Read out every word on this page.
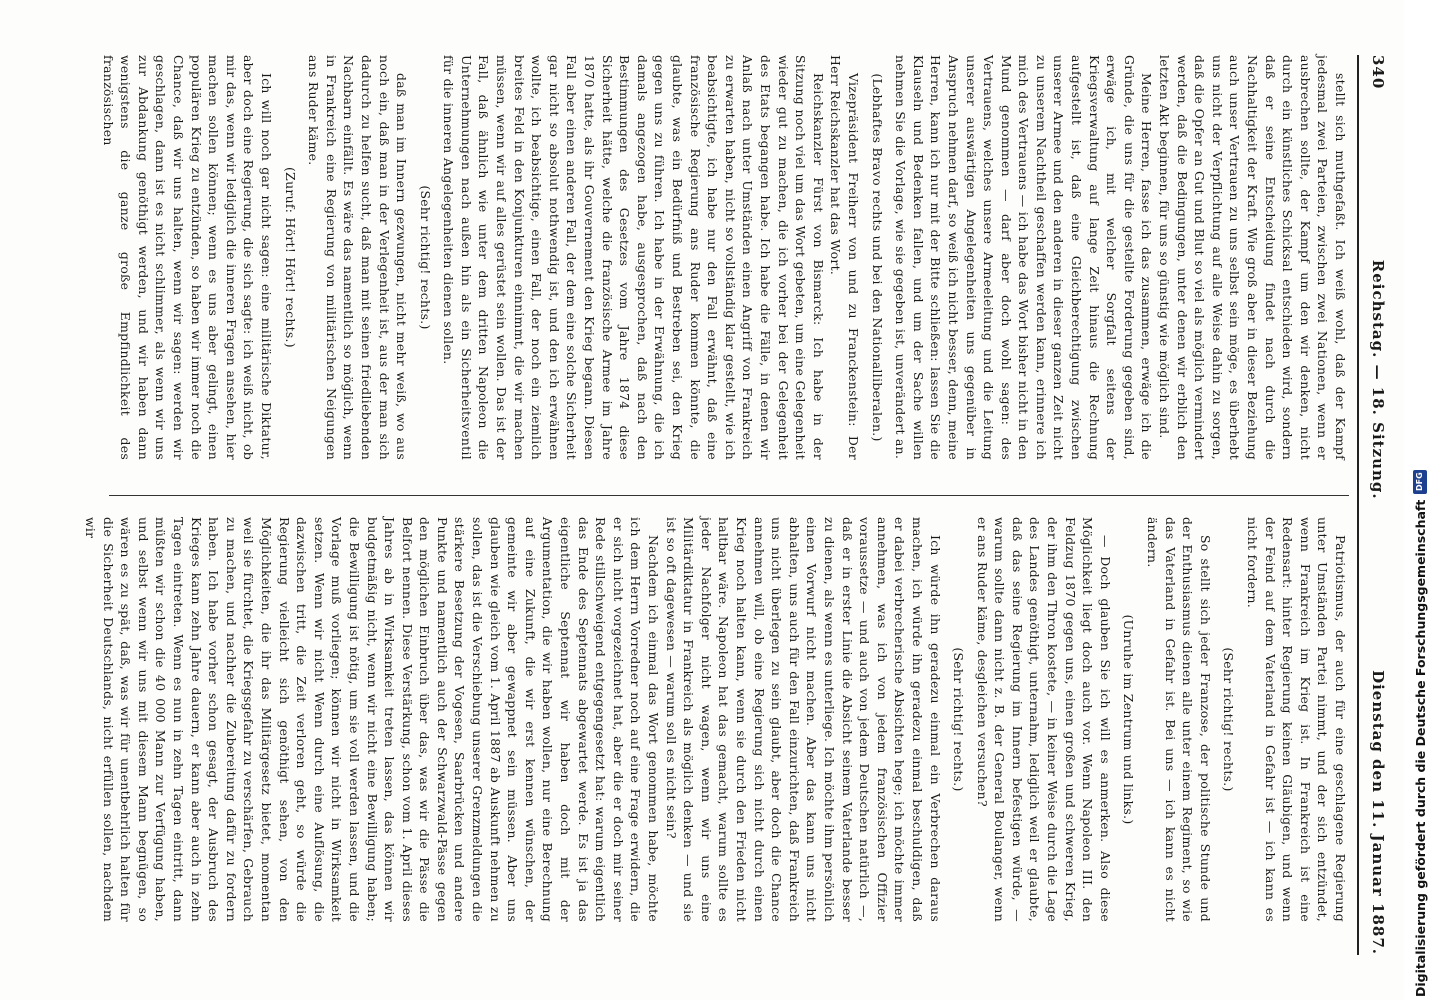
340
Reichstag. — 18. Sitzung.
Dienstag den 11. Januar 1887.

stellt sich muthgefaßt. Ich weiß wohl, daß der Kampf jedesmal zwei Parteien, zwischen zwei Nationen, wenn er ausbrechen sollte, der Kampf um den wir denken, nicht durch ein künstliches Schicksal entschieden wird, sondern daß er seine Entscheidung findet nach durch die Nachhaltigkeit der Kraft. Wie groß aber in dieser Beziehung auch unser Vertrauen zu uns selbst sein möge, es überhebt uns nicht der Verpflichtung auf alle Weise dahin zu sorgen, daß die Opfer an Gut und Blut so viel als möglich vermindert werden, daß die Bedingungen, unter denen wir erblich den letzten Akt beginnen, für uns so günstig wie möglich sind.

Meine Herren, fasse ich das zusammen, erwäge ich die Gründe, die uns für die gestellte Forderung gegeben sind, erwäge ich, mit welcher Sorgfalt seitens der Kriegsverwaltung auf lange Zeit hinaus die Rechnung aufgestellt ist, daß eine Gleichberechtigung zwischen unserer Armee und den anderen in dieser ganzen Zeit nicht zu unserem Nachtheil geschaffen werden kann, erinnere ich mich des Vertrauens — ich habe das Wort bisher nicht in den Mund genommen — darf aber doch wohl sagen: des Vertrauens, welches unsere Armeeleitung und die Leitung unserer auswärtigen Angelegenheiten uns gegenüber in Anspruch nehmen darf, so weiß ich nicht besser, denn, meine Herren, kann ich nur mit der Bitte schließen: lassen Sie die Klauseln und Bedenken fallen, und um der Sache willen nehmen Sie die Vorlage, wie sie gegeben ist, unverändert an.

(Lebhaftes Bravo rechts und bei den Nationalliberalen.)

Vizepräsident Freiherr von und zu Franckenstein: Der Herr Reichskanzler hat das Wort.

Reichskanzler Fürst von Bismarck: Ich habe in der Sitzung noch viel um das Wort gebeten, um eine Gelegenheit wieder gut zu machen, die ich vorher bei der Gelegenheit des Etats begangen habe. Ich habe die Fälle, in denen wir Anlaß nach unter Umständen einen Angriff von Frankreich zu erwarten haben, nicht so vollständig klar gestellt, wie ich beabsichtigte, ich habe nur den Fall erwähnt, daß eine französische Regierung ans Ruder kommen könnte, die glaubte, was ein Bedürfniß und Bestreben sei, den Krieg gegen uns zu führen. Ich habe in der Erwähnung, die ich damals angezogen habe, ausgesprochen, daß nach den Bestimmungen des Gesetzes vom Jahre 1874 diese Sicherheit hätte, welche die französische Armee im Jahre 1870 hatte, als ihr Gouvernement den Krieg begann. Diesen Fall aber einen anderen Fall, der dem eine solche Sicherheit gar nicht so absolut nothwendig ist, und den ich erwähnen wollte, ich beabsichtige, einen Fall, der noch ein ziemlich breites Feld in den Konjunkturen einnimmt, die wir machen müssen, wenn wir auf alles gerüstet sein wollen. Das ist der Fall, daß ähnlich wie unter dem dritten Napoleon die Unternehmungen nach außen hin als ein Sicherheitsventil für die inneren Angelegenheiten dienen sollen.

(Sehr richtig! rechts.)

daß man im Innern gezwungen, nicht mehr weiß, wo aus noch ein, daß man in der Verlegenheit ist, aus der man sich dadurch zu helfen sucht, daß man mit seinen friedliebenden Nachbarn einfällt. Es wäre das namentlich so möglich, wenn in Frankreich eine Regierung von militärischen Neigungen ans Ruder käme.

(Zuruf: Hört! Hört! rechts.)

Ich will noch gar nicht sagen: eine militärische Diktatur, aber doch eine Regierung, die sich sagte: ich weiß nicht, ob mir das, wenn wir lediglich die inneren Fragen ansehen, hier machen sollen können; wenn es uns aber gelingt, einen populären Krieg zu entzünden, so haben wir immer noch die Chance, daß wir uns halten, wenn wir sagen: werden wir geschlagen, dann ist es nicht schlimmer, als wenn wir uns zur Abdankung genöthigt werden, und wir haben dann wenigstens die ganze große Empfindlichkeit des französischen

Patriotismus, der auch für eine geschlagene Regierung unter Umständen Partei nimmt, und der sich entzündet, wenn Frankreich im Krieg ist. In Frankreich ist eine Redensart: hinter Regierung keinen Gläubigen, und wenn der Feind auf dem Vaterland in Gefahr ist — ich kann es nicht fordern.

(Sehr richtig! rechts.)

So stellt sich jeder Franzose, der politische Stunde und der Enthusiasmus dienen alle unter einem Regiment, so wie das Vaterland in Gefahr ist. Bei uns — ich kann es nicht ändern.

(Unruhe im Zentrum und links.)

— Doch glauben Sie ich will es anmerken. Also diese Möglichkeit liegt doch auch vor. Wenn Napoleon III. den Feldzug 1870 gegen uns, einen großen und schweren Krieg, der ihm den Thron kostete, — in keiner Weise durch die Lage des Landes genöthigt, unternahm, lediglich weil er glaubte, daß das seine Regierung im Innern befestigen würde, — warum sollte dann nicht z. B. der General Boulanger, wenn er ans Ruder käme, desgleichen versuchen?

(Sehr richtig! rechts.)

Ich würde ihn geradezu einmal ein Verbrechen daraus machen, ich würde ihn geradezu einmal beschuldigen, daß er dabei verbrecherische Absichten hege; ich möchte immer annehmen, was ich von jedem französischen Offizier voraussetze — und auch von jedem Deutschen natürlich —, daß er in erster Linie die Absicht seinem Vaterlande besser zu dienen, als wenn es unterliege. Ich möchte ihm persönlich einen Vorwurf nicht machen. Aber das kann uns nicht abhalten, uns auch für den Fall einzurichten, daß Frankreich uns nicht überlegen zu sein glaubt, aber doch die Chance annehmen will, ob eine Regierung sich nicht durch einen Krieg noch halten kann, wenn sie durch den Frieden nicht haltbar wäre. Napoleon hat das gemacht, warum sollte es jeder Nachfolger nicht wagen, wenn wir uns eine Militärdiktatur in Frankreich als möglich denken — und sie ist so oft dagewesen — warum soll es nicht sein?

Nachdem ich einmal das Wort genommen habe, möchte ich dem Herrn Vorredner noch auf eine Frage erwidern, die er sich nicht vorgezeichnet hat, aber die er doch mir seiner Rede stillschweigend entgegengesetzt hat: warum eigentlich das Ende des Septennats abgewartet werde. Es ist ja das eigentliche Septennat wir haben doch mit der Argumentation, die wir haben wollen, nur eine Berechnung auf eine Zukunft, die wir erst kennen wünschen, der gemeinte wir aber gewappnet sein müssen. Aber uns glauben wie gleich vom 1. April 1887 ab Auskunft nehmen zu sollen, das ist die Verschiebung unserer Grenzmeldungen die stärkere Besetzung der Vogesen, Saarbrücken und andere Punkte und namentlich auch der Schwarzwald-Pässe gegen den möglichen Einbruch über das, was wir die Pässe die Belfort nennen. Diese Verstärkung, schon vom 1. April dieses Jahres ab in Wirksamkeit treten lassen, das können wir budgetmäßig nicht, wenn wir nicht eine Bewilligung haben; die Bewilligung ist nötig, um sie voll werden lassen, und die Vorlage muß vorliegen; können wir nicht in Wirksamkeit setzen. Wenn wir nicht Wenn durch eine Auflösung, die dazwischen tritt, die Zeit verloren geht, so würde die Regierung vielleicht sich genöthigt sehen, von den Möglichkeiten, die ihr das Militärgesetz bietet, momentan weil sie fürchtet, die Kriegsgefahr zu verschärfen, Gebrauch zu machen, und nachher die Zubereitung dafür zu fordern haben. Ich habe vorher schon gesagt, der Ausbruch des Krieges kann zehn Jahre dauern, er kann aber auch in zehn Tagen eintreten. Wenn es nun in zehn Tagen eintritt, dann müßten wir schon die 40 000 Mann zur Verfügung haben, und selbst wenn wir uns mit diesem Mann begnügen, so wären es zu spät, daß, was wir für unentbehrlich halten für die Sicherheit Deutschlands, nicht erfüllen sollen, nachdem wir	Digitalisierung gefördert durch die Deutsche Forschungsgemeinschaft
DFG
